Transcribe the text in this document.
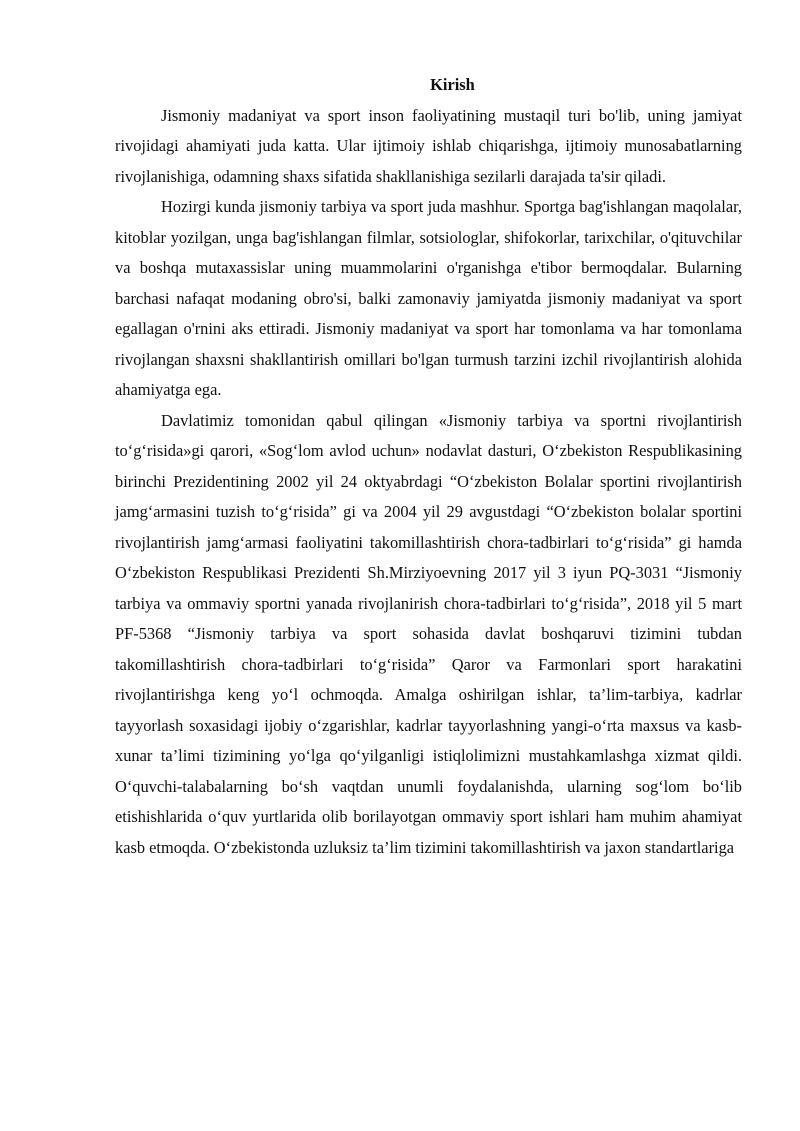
Kirish

Jismoniy madaniyat va sport inson faoliyatining mustaqil turi bo'lib, uning jamiyat rivojidagi ahamiyati juda katta. Ular ijtimoiy ishlab chiqarishga, ijtimoiy munosabatlarning rivojlanishiga, odamning shaxs sifatida shakllanishiga sezilarli darajada ta'sir qiladi.

Hozirgi kunda jismoniy tarbiya va sport juda mashhur. Sportga bag'ishlangan maqolalar, kitoblar yozilgan, unga bag'ishlangan filmlar, sotsiologlar, shifokorlar, tarixchilar, o'qituvchilar va boshqa mutaxassislar uning muammolarini o'rganishga e'tibor bermoqdalar. Bularning barchasi nafaqat modaning obro'si, balki zamonaviy jamiyatda jismoniy madaniyat va sport egallagan o'rnini aks ettiradi. Jismoniy madaniyat va sport har tomonlama va har tomonlama rivojlangan shaxsni shakllantirish omillari bo'lgan turmush tarzini izchil rivojlantirish alohida ahamiyatga ega.

Davlatimiz tomonidan qabul qilingan «Jismoniy tarbiya va sportni rivojlantirish toʻgʻrisida»gi qarori, «Sogʻlom avlod uchun» nodavlat dasturi, Oʻzbekiston Respublikasining birinchi Prezidentining 2002 yil 24 oktyabrdagi “Oʻzbekiston Bolalar sportini rivojlantirish jamgʻarmasini tuzish toʻgʻrisida” gi va 2004 yil 29 avgustdagi “Oʻzbekiston bolalar sportini rivojlantirish jamgʻarmasi faoliyatini takomillashtirish chora-tadbirlari toʻgʻrisida” gi hamda Oʻzbekiston Respublikasi Prezidenti Sh.Mirziyoevning 2017 yil 3 iyun PQ-3031 “Jismoniy tarbiya va ommaviy sportni yanada rivojlanirish chora-tadbirlari toʻgʻrisida”, 2018 yil 5 mart PF-5368 “Jismoniy tarbiya va sport sohasida davlat boshqaruvi tizimini tubdan takomillashtirish chora-tadbirlari toʻgʻrisida” Qaror va Farmonlari sport harakatini rivojlantirishga keng yoʻl ochmoqda. Amalga oshirilgan ishlar, ta’lim-tarbiya, kadrlar tayyorlash soxasidagi ijobiy oʻzgarishlar, kadrlar tayyorlashning yangi-oʻrta maxsus va kasb-xunar ta’limi tizimining yoʻlga qoʻyilganligi istiqlolimizni mustahkamlashga xizmat qildi. Oʻquvchi-talabalarning boʻsh vaqtdan unumli foydalanishda, ularning sogʻlom boʻlib etishishlarida oʻquv yurtlarida olib borilayotgan ommaviy sport ishlari ham muhim ahamiyat kasb etmoqda. Oʻzbekistonda uzluksiz ta’lim tizimini takomillashtirish va jaxon standartlariga
